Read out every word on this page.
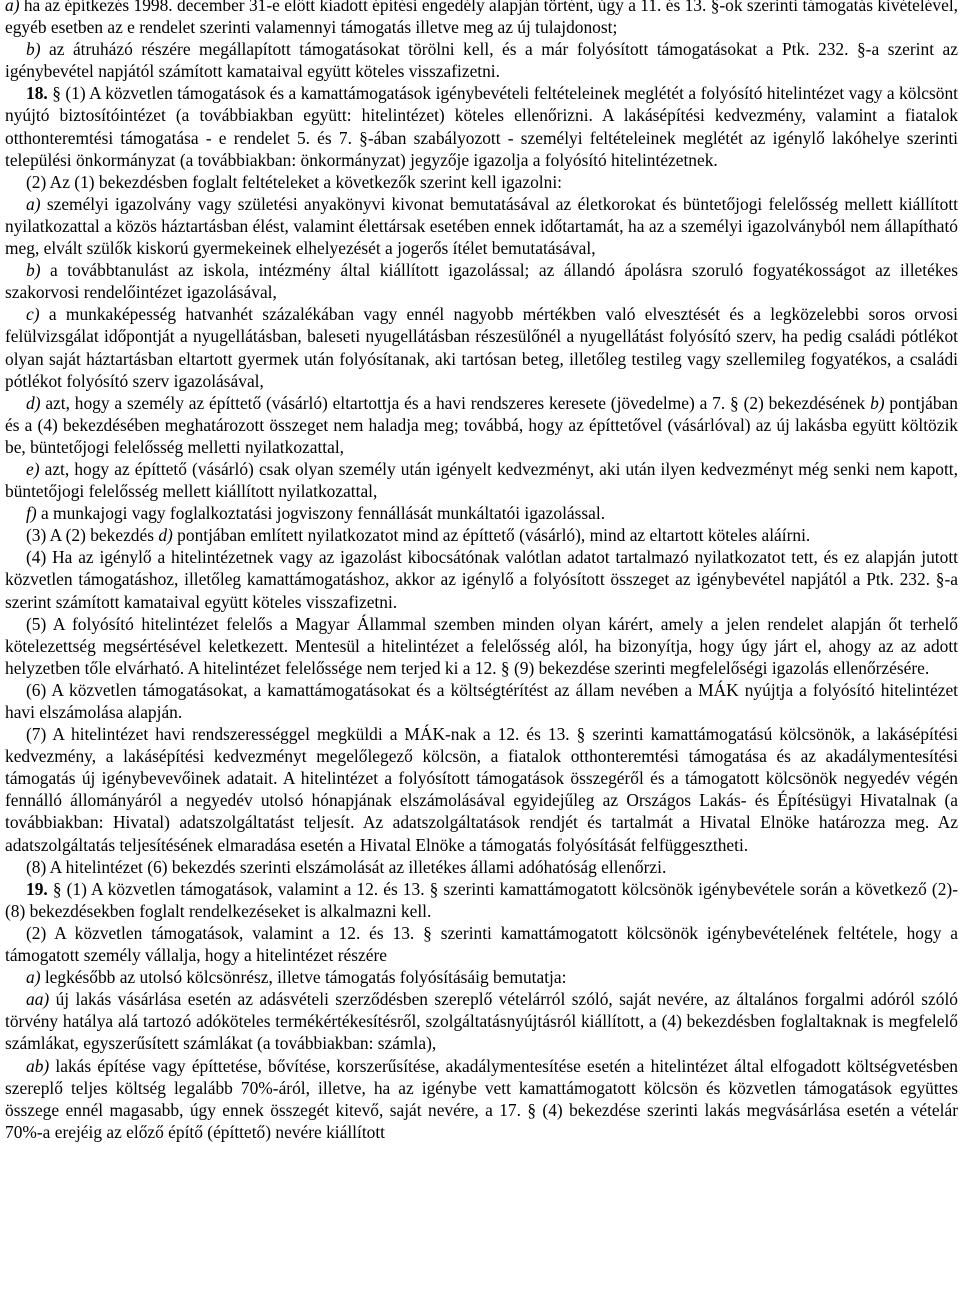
a) ha az építkezés 1998. december 31-e előtt kiadott építési engedély alapján történt, úgy a 11. és 13. §-ok szerinti támogatás kivételével, egyéb esetben az e rendelet szerinti valamennyi támogatás illetve meg az új tulajdonost;

b) az átruházó részére megállapított támogatásokat törölni kell, és a már folyósított támogatásokat a Ptk. 232. §-a szerint az igénybevétel napjától számított kamataival együtt köteles visszafizetni.

18. § (1) A közvetlen támogatások és a kamattámogatások igénybevételi feltételeinek meglétét a folyósító hitelintézet vagy a kölcsönt nyújtó biztosítóintézet (a továbbiakban együtt: hitelintézet) köteles ellenőrizni. A lakásépítési kedvezmény, valamint a fiatalok otthonteremtési támogatása - e rendelet 5. és 7. §-ában szabályozott - személyi feltételeinek meglétét az igénylő lakóhelye szerinti települési önkormányzat (a továbbiakban: önkormányzat) jegyzője igazolja a folyósító hitelintézetnek.

(2) Az (1) bekezdésben foglalt feltételeket a következők szerint kell igazolni:

a) személyi igazolvány vagy születési anyakönyvi kivonat bemutatásával az életkorokat és büntetőjogi felelősség mellett kiállított nyilatkozattal a közös háztartásban élést, valamint élettársak esetében ennek időtartamát, ha az a személyi igazolványból nem állapítható meg, elvált szülők kiskorú gyermekeinek elhelyezését a jogerős ítélet bemutatásával,

b) a továbbtanulást az iskola, intézmény által kiállított igazolással; az állandó ápolásra szoruló fogyatékosságot az illetékes szakorvosi rendelőintézet igazolásával,

c) a munkaképesség hatvanhét százalékában vagy ennél nagyobb mértékben való elvesztését és a legközelebbi soros orvosi felülvizsgálat időpontját a nyugellátásban, baleseti nyugellátásban részesülőnél a nyugellátást folyósító szerv, ha pedig családi pótlékot olyan saját háztartásban eltartott gyermek után folyósítanak, aki tartósan beteg, illetőleg testileg vagy szellemileg fogyatékos, a családi pótlékot folyósító szerv igazolásával,

d) azt, hogy a személy az építtető (vásárló) eltartottja és a havi rendszeres keresete (jövedelme) a 7. § (2) bekezdésének b) pontjában és a (4) bekezdésében meghatározott összeget nem haladja meg; továbbá, hogy az építtetővel (vásárlóval) az új lakásba együtt költözik be, büntetőjogi felelősség melletti nyilatkozattal,

e) azt, hogy az építtető (vásárló) csak olyan személy után igényelt kedvezményt, aki után ilyen kedvezményt még senki nem kapott, büntetőjogi felelősség mellett kiállított nyilatkozattal,

f) a munkajogi vagy foglalkoztatási jogviszony fennállását munkáltatói igazolással.

(3) A (2) bekezdés d) pontjában említett nyilatkozatot mind az építtető (vásárló), mind az eltartott köteles aláírni.

(4) Ha az igénylő a hitelintézetnek vagy az igazolást kibocsátónak valótlan adatot tartalmazó nyilatkozatot tett, és ez alapján jutott közvetlen támogatáshoz, illetőleg kamattámogatáshoz, akkor az igénylő a folyósított összeget az igénybevétel napjától a Ptk. 232. §-a szerint számított kamataival együtt köteles visszafizetni.

(5) A folyósító hitelintézet felelős a Magyar Állammal szemben minden olyan kárért, amely a jelen rendelet alapján őt terhelő kötelezettség megsértésével keletkezett. Mentesül a hitelintézet a felelősség alól, ha bizonyítja, hogy úgy járt el, ahogy az az adott helyzetben tőle elvárható. A hitelintézet felelőssége nem terjed ki a 12. § (9) bekezdése szerinti megfelelőségi igazolás ellenőrzésére.

(6) A közvetlen támogatásokat, a kamattámogatásokat és a költségtérítést az állam nevében a MÁK nyújtja a folyósító hitelintézet havi elszámolása alapján.

(7) A hitelintézet havi rendszerességgel megküldi a MÁK-nak a 12. és 13. § szerinti kamattámogatású kölcsönök, a lakásépítési kedvezmény, a lakásépítési kedvezményt megelőlegező kölcsön, a fiatalok otthonteremtési támogatása és az akadálymentesítési támogatás új igénybevevőinek adatait. A hitelintézet a folyósított támogatások összegéről és a támogatott kölcsönök negyedév végén fennálló állományáról a negyedév utolsó hónapjának elszámolásával egyidejűleg az Országos Lakás- és Építésügyi Hivatalnak (a továbbiakban: Hivatal) adatszolgáltatást teljesít. Az adatszolgáltatások rendjét és tartalmát a Hivatal Elnöke határozza meg. Az adatszolgáltatás teljesítésének elmaradása esetén a Hivatal Elnöke a támogatás folyósítását felfüggesztheti.

(8) A hitelintézet (6) bekezdés szerinti elszámolását az illetékes állami adóhatóság ellenőrzi.

19. § (1) A közvetlen támogatások, valamint a 12. és 13. § szerinti kamattámogatott kölcsönök igénybevétele során a következő (2)-(8) bekezdésekben foglalt rendelkezéseket is alkalmazni kell.

(2) A közvetlen támogatások, valamint a 12. és 13. § szerinti kamattámogatott kölcsönök igénybevételének feltétele, hogy a támogatott személy vállalja, hogy a hitelintézet részére

a) legkésőbb az utolsó kölcsönrész, illetve támogatás folyósításáig bemutatja:

aa) új lakás vásárlása esetén az adásvételi szerződésben szereplő vételárról szóló, saját nevére, az általános forgalmi adóról szóló törvény hatálya alá tartozó adóköteles termékértékesítésről, szolgáltatásnyújtásról kiállított, a (4) bekezdésben foglaltaknak is megfelelő számlákat, egyszerűsített számlákat (a továbbiakban: számla),

ab) lakás építése vagy építtetése, bővítése, korszerűsítése, akadálymentesítése esetén a hitelintézet által elfogadott költségvetésben szereplő teljes költség legalább 70%-áról, illetve, ha az igénybe vett kamattámogatott kölcsön és közvetlen támogatások együttes összege ennél magasabb, úgy ennek összegét kitevő, saját nevére, a 17. § (4) bekezdése szerinti lakás megvásárlása esetén a vételár 70%-a erejéig az előző építő (építtető) nevére kiállított
